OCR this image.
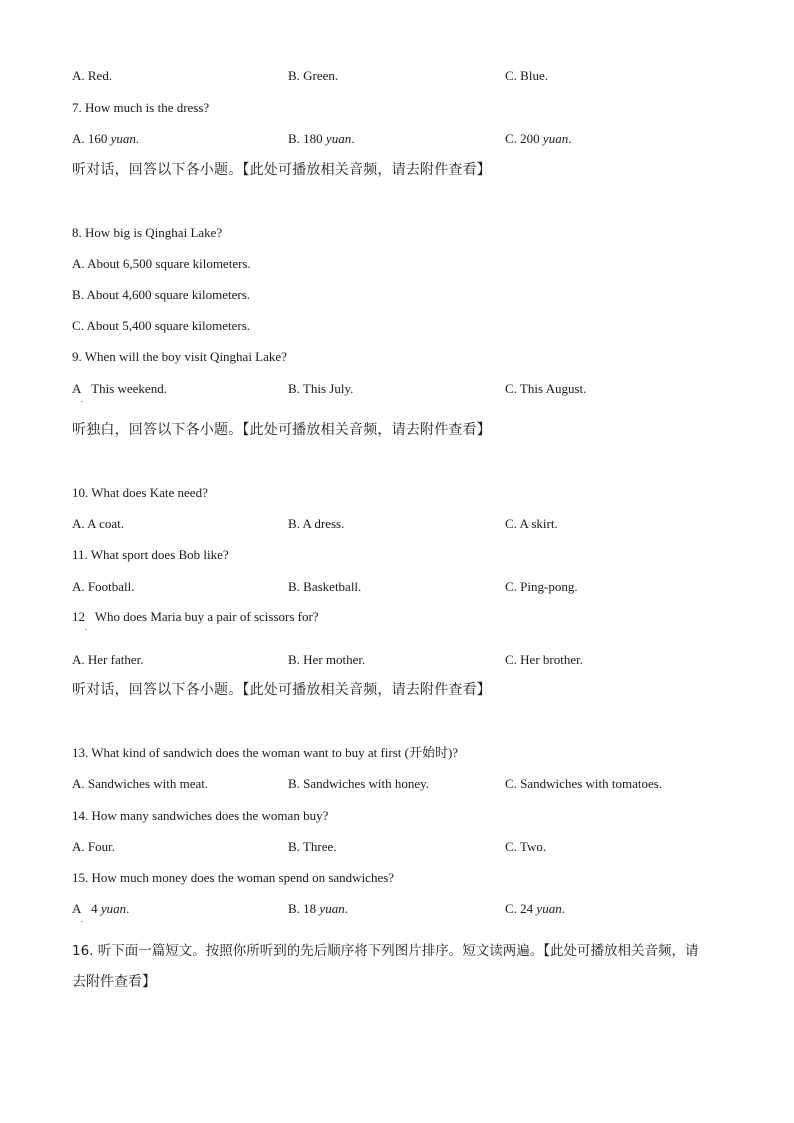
A. Red.	B. Green.	C. Blue.
7. How much is the dress?
A. 160 yuan.	B. 180 yuan.	C. 200 yuan.
听对话，回答以下各小题。【此处可播放相关音频，请去附件查看】
8. How big is Qinghai Lake?
A. About 6,500 square kilometers.
B. About 4,600 square kilometers.
C. About 5,400 square kilometers.
9. When will the boy visit Qinghai Lake?
A This weekend.
.
B. This July.	C. This August.
听独白，回答以下各小题。【此处可播放相关音频，请去附件查看】
10. What does Kate need?
A. A coat.	B. A dress.	C. A skirt.
11. What sport does Bob like?
A. Football.	B. Basketball.	C. Ping-pong.
12 Who does Maria buy a pair of scissors for?
.
A. Her father.	B. Her mother.	C. Her brother.
听对话，回答以下各小题。【此处可播放相关音频，请去附件查看】
13. What kind of sandwich does the woman want to buy at first (开始时)?
A. Sandwiches with meat.	B. Sandwiches with honey.	C. Sandwiches with tomatoes.
14. How many sandwiches does the woman buy?
A. Four.	B. Three.	C. Two.
15. How much money does the woman spend on sandwiches?
A 4 yuan.
.
B. 18 yuan.	C. 24 yuan.
16. 听下面一篇短文。按照你所听到的先后顺序将下列图片排序。短文读两遍。【此处可播放相关音频，请
去附件查看】
